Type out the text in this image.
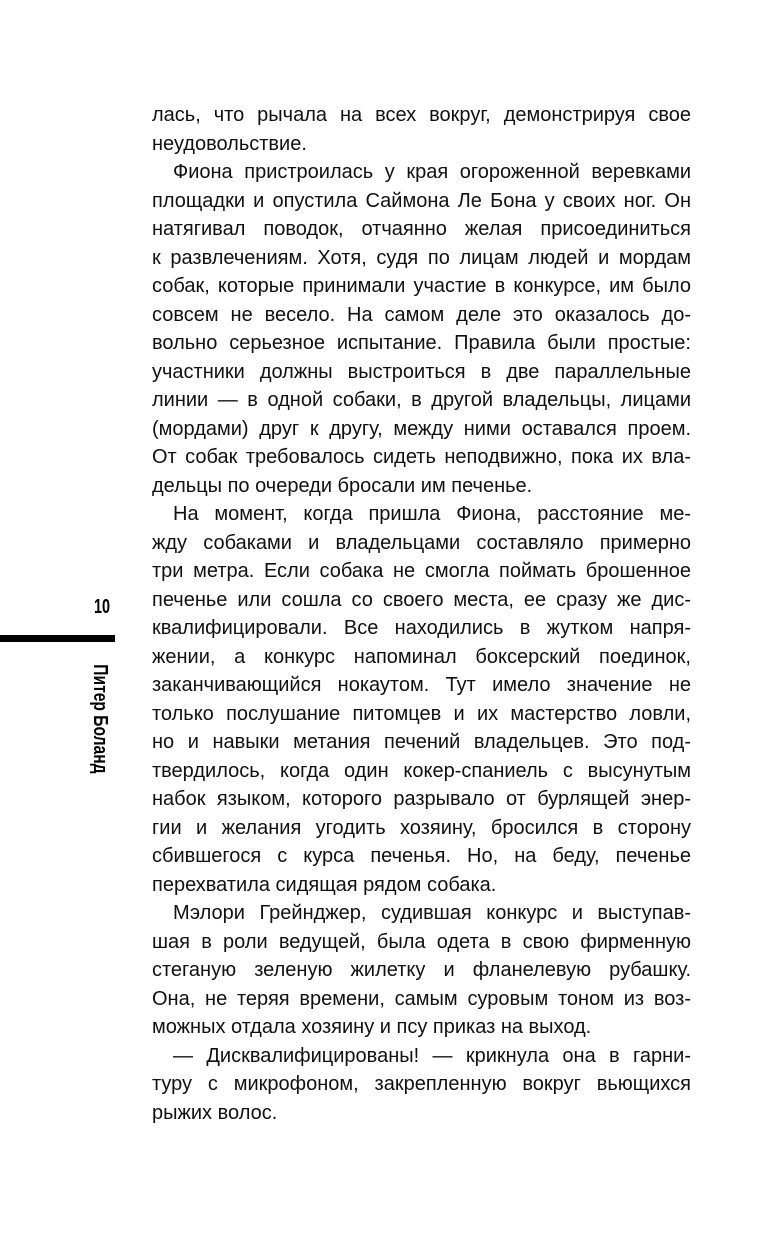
10
Питер Боланд
лась, что рычала на всех вокруг, демонстрируя свое
неудовольствие.
Фиона пристроилась у края огороженной веревками
площадки и опустила Саймона Ле Бона у своих ног. Он
натягивал поводок, отчаянно желая присоединиться
к развлечениям. Хотя, судя по лицам людей и мордам
собак, которые принимали участие в конкурсе, им было
совсем не весело. На самом деле это оказалось до-
вольно серьезное испытание. Правила были простые:
участники должны выстроиться в две параллельные
линии — в одной собаки, в другой владельцы, лицами
(мордами) друг к другу, между ними оставался проем.
От собак требовалось сидеть неподвижно, пока их вла-
дельцы по очереди бросали им печенье.
На момент, когда пришла Фиона, расстояние ме-
жду собаками и владельцами составляло примерно
три метра. Если собака не смогла поймать брошенное
печенье или сошла со своего места, ее сразу же дис-
квалифицировали. Все находились в жутком напря-
жении, а конкурс напоминал боксерский поединок,
заканчивающийся нокаутом. Тут имело значение не
только послушание питомцев и их мастерство ловли,
но и навыки метания печений владельцев. Это под-
твердилось, когда один кокер-спаниель с высунутым
набок языком, которого разрывало от бурлящей энер-
гии и желания угодить хозяину, бросился в сторону
сбившегося с курса печенья. Но, на беду, печенье
перехватила сидящая рядом собака.
Мэлори Грейнджер, судившая конкурс и выступав-
шая в роли ведущей, была одета в свою фирменную
стеганую зеленую жилетку и фланелевую рубашку.
Она, не теряя времени, самым суровым тоном из воз-
можных отдала хозяину и псу приказ на выход.
— Дисквалифицированы! — крикнула она в гарни-
туру с микрофоном, закрепленную вокруг вьющихся
рыжих волос.
